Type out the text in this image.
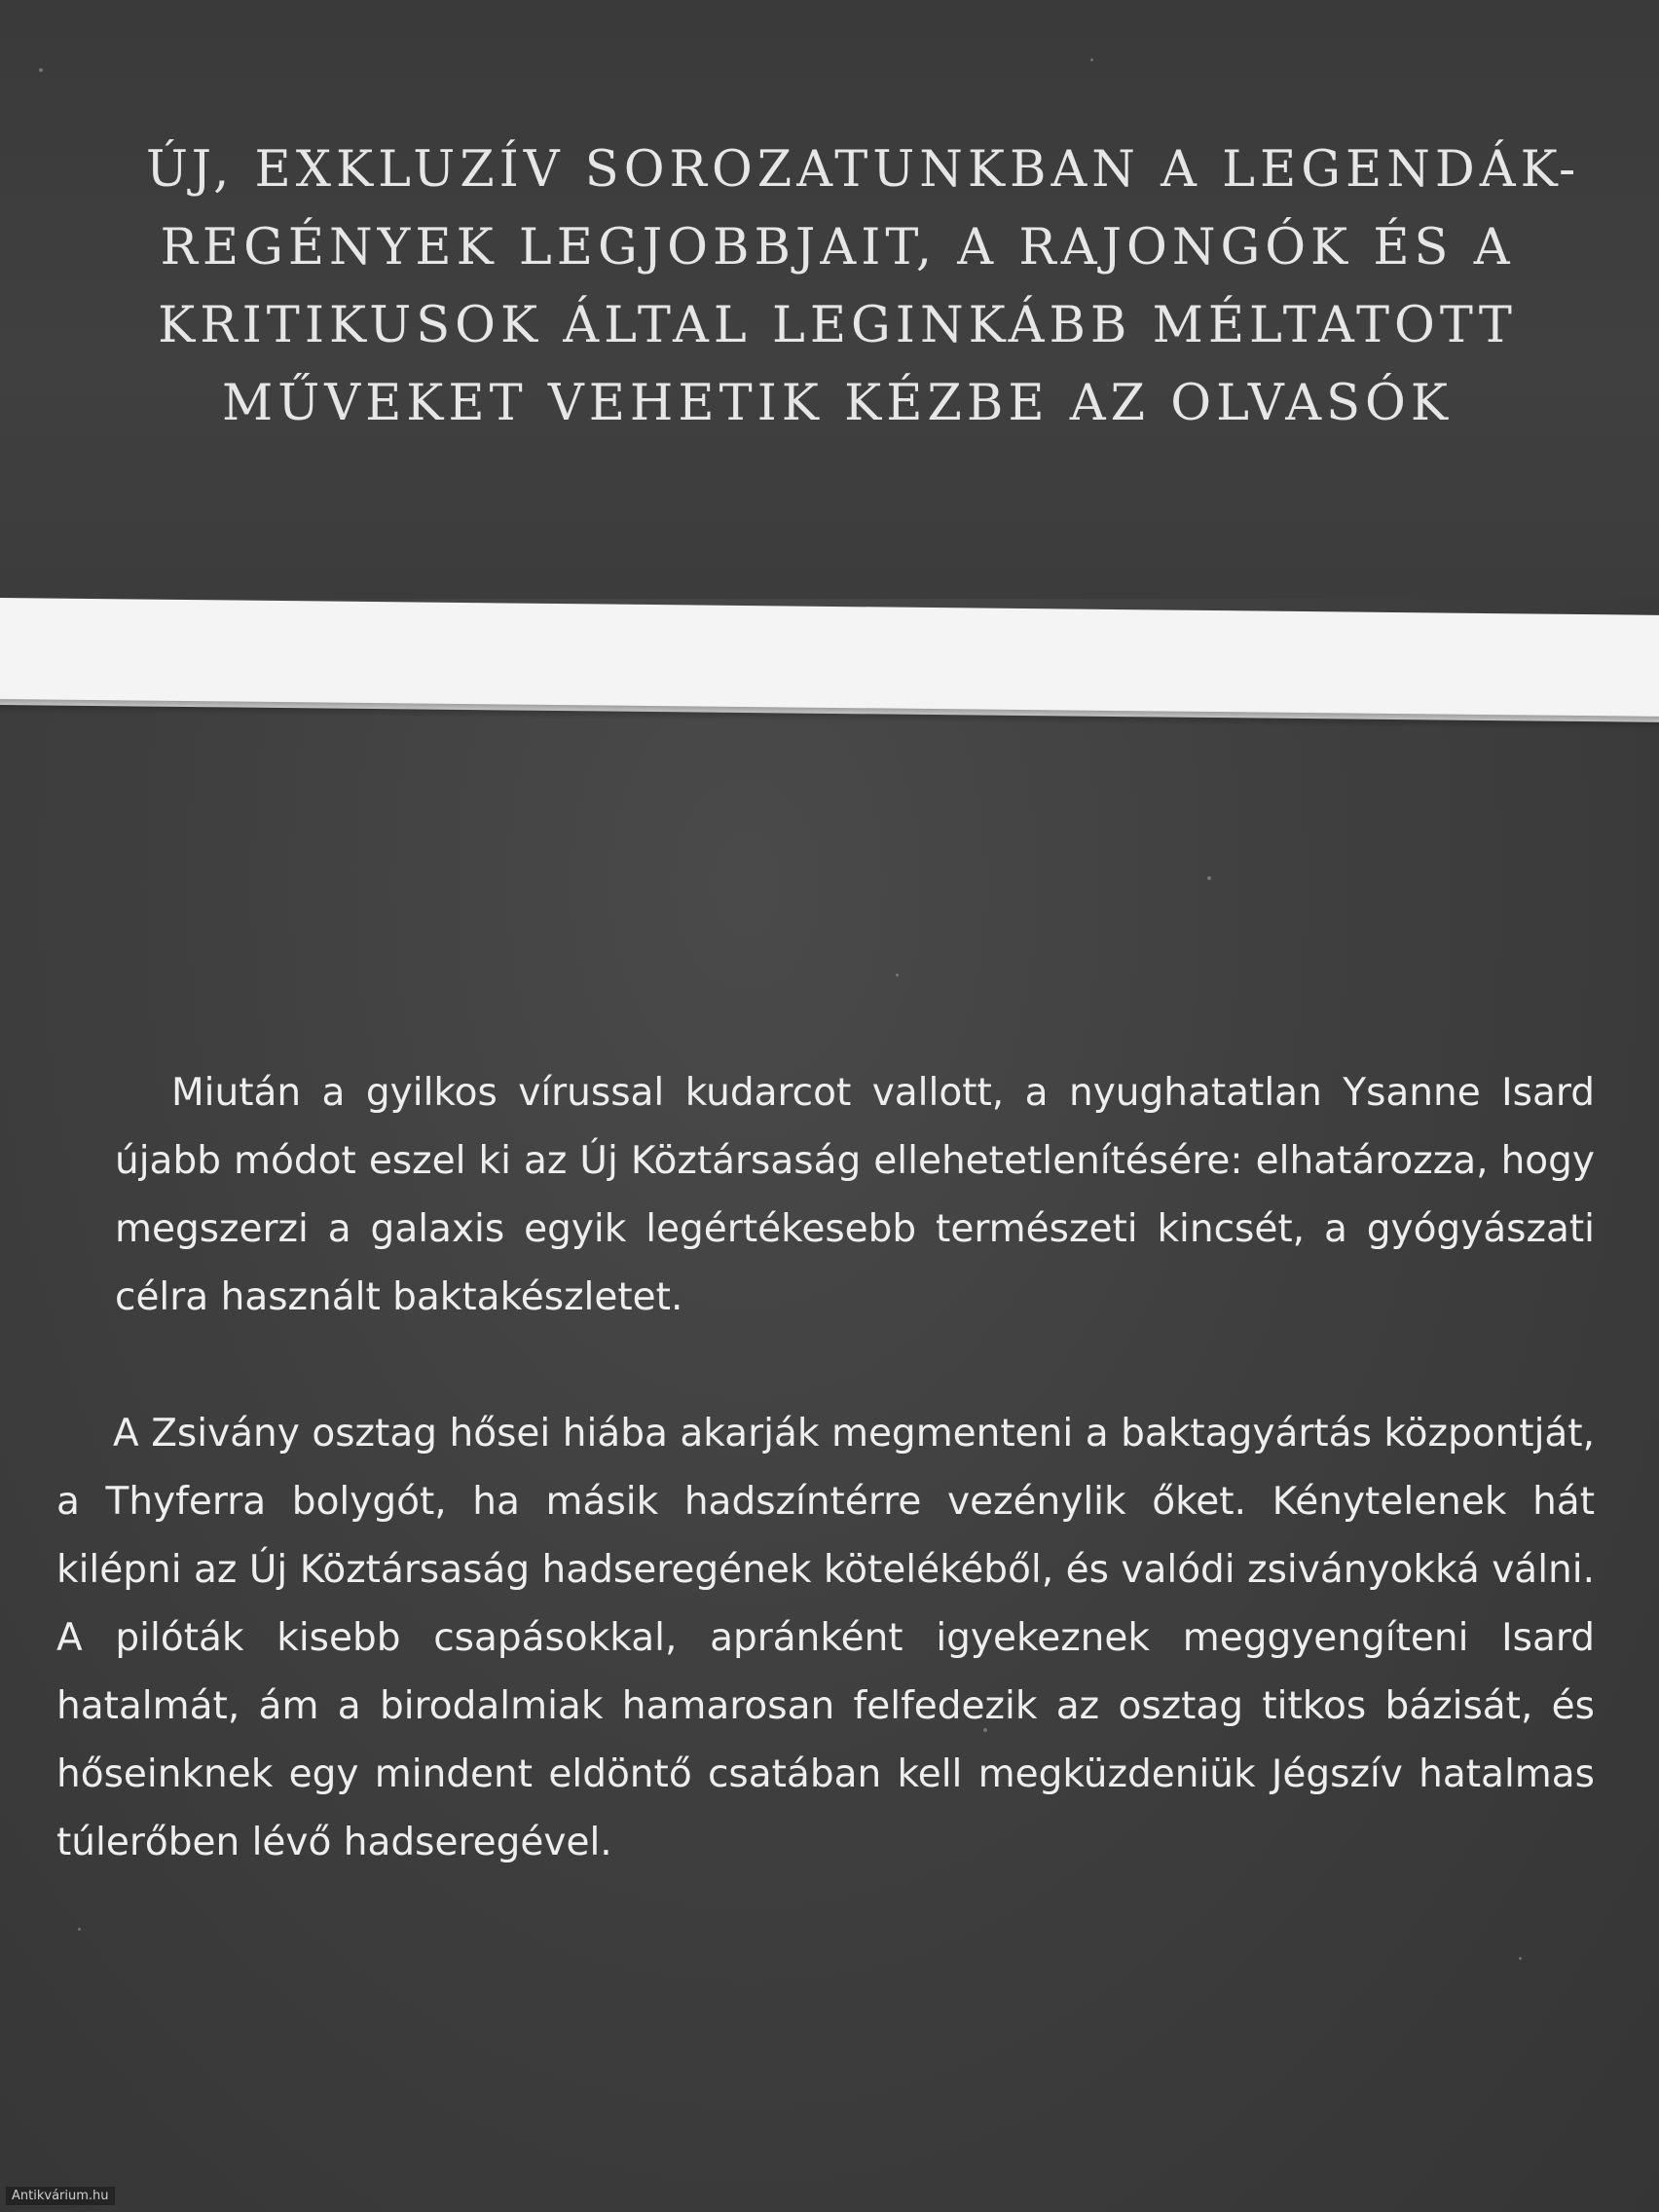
ÚJ, EXKLUZÍV SOROZATUNKBAN A LEGENDÁK-
REGÉNYEK LEGJOBBJAIT, A RAJONGÓK ÉS A
KRITIKUSOK ÁLTAL LEGINKÁBB MÉLTATOTT
MŰVEKET VEHETIK KÉZBE AZ OLVASÓK

Miután a gyilkos vírussal kudarcot vallott, a nyughatatlan Ysanne Isard újabb módot eszel ki az Új Köztársaság ellehetetlenítésére: elhatározza, hogy megszerzi a galaxis egyik legértékesebb természeti kincsét, a gyógyászati célra használt baktakészletet.

A Zsivány osztag hősei hiába akarják megmenteni a baktagyártás központját, a Thyferra bolygót, ha másik hadszíntérre vezénylik őket. Kénytelenek hát kilépni az Új Köztársaság hadseregének kötelékéből, és valódi zsiványokká válni. A pilóták kisebb csapásokkal, apránként igyekeznek meggyengíteni Isard hatalmát, ám a birodalmiak hamarosan felfedezik az osztag titkos bázisát, és hőseinknek egy mindent eldöntő csatában kell megküzdeniük Jégszív hatalmas túlerőben lévő hadseregével.

Antikvárium.hu
